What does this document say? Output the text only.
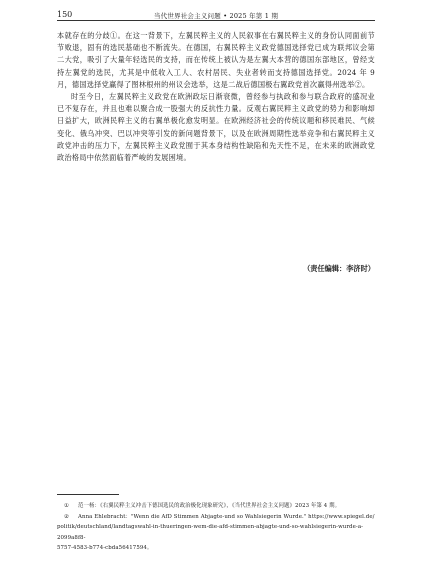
150	当代世界社会主义问题 • 2025 年第 1 期

本就存在的分歧①。在这一背景下，左翼民粹主义的人民叙事在右翼民粹主义的身份认同面前节节败退，固有的选民基础也不断流失。在德国，右翼民粹主义政党德国选择党已成为联邦议会第二大党，吸引了大量年轻选民的支持，而在传统上被认为是左翼大本营的德国东部地区，曾经支持左翼党的选民，尤其是中低收入工人、农村居民、失业者转而支持德国选择党。2024 年 9 月，德国选择党赢得了图林根州的州议会选举，这是二战后德国极右翼政党首次赢得州选举②。

时至今日，左翼民粹主义政党在欧洲政坛日渐衰微，曾经参与执政和参与联合政府的盛况业已不复存在，并且也难以聚合成一股强大的反抗性力量。反观右翼民粹主义政党的势力和影响却日益扩大，欧洲民粹主义的右翼单极化愈发明显。在欧洲经济社会的传统议题和移民难民、气候变化、俄乌冲突、巴以冲突等引发的新问题背景下，以及在欧洲周期性选举竞争和右翼民粹主义政党冲击的压力下，左翼民粹主义政党囿于其本身结构性缺陷和先天性不足，在未来的欧洲政党政治格局中依然面临着严峻的发展困境。

（责任编辑：李济时）

① 范一杨：《右翼民粹主义冲击下德国选民的政治极化现象研究》，《当代世界社会主义问题》2023 年第 4 期。

② Anna Ehlebracht："Wenn die AfD Stimmen Abjagte-und so Wahlsiegerin Wurde." https://www.spiegel.de/

politik/deutschland/landtagswahl-in-thueringen-wem-die-afd-stimmen-abjagte-und-so-wahlsiegerin-wurde-a-2099a8f8-

5757-4583-b774-cbda56417594。
